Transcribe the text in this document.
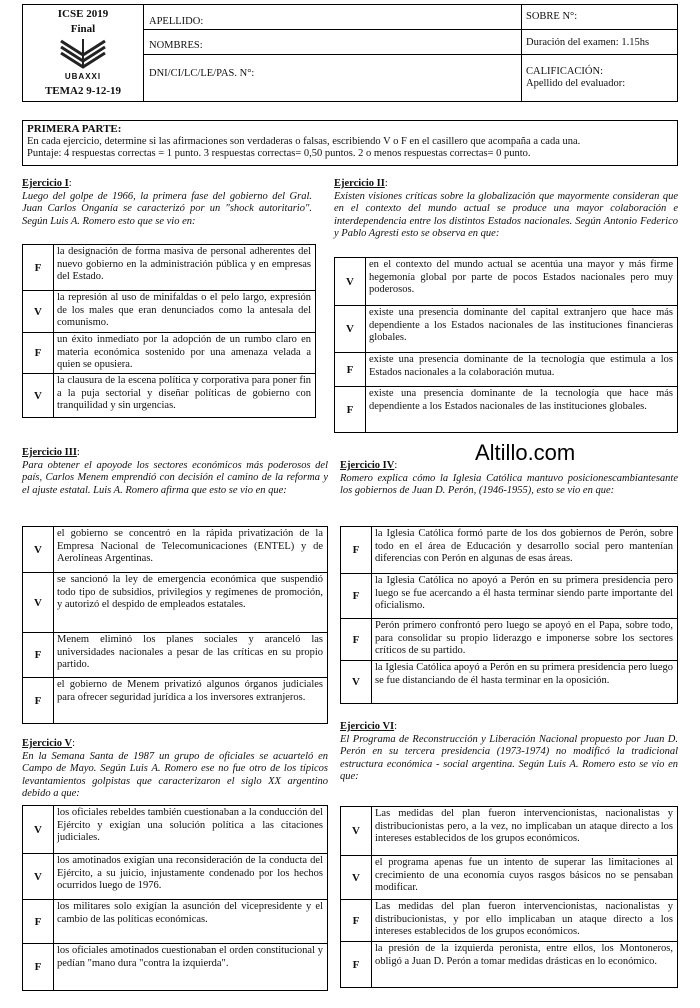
ICSE 2019
Final
UBAXXI
TEMA2 9-12-19
APELLIDO:
NOMBRES:
DNI/CI/LC/LE/PAS. N°:
SOBRE N°:
Duración del examen: 1.15hs
CALIFICACIÓN:
Apellido del evaluador:
PRIMERA PARTE:
En cada ejercicio, determine si las afirmaciones son verdaderas o falsas, escribiendo V o F en el casillero que acompaña a cada una.
Puntaje: 4 respuestas correctas = 1 punto. 3 respuestas correctas= 0,50 puntos. 2 o menos respuestas correctas= 0 punto.
Ejercicio I:
Luego del golpe de 1966, la primera fase del gobierno del Gral. Juan Carlos Onganía se caracterizó por un "shock autoritario". Según Luis A. Romero esto que se vio en:
F
la designación de forma masiva de personal adherentes del nuevo gobierno en la administración pública y en empresas del Estado.
V
la represión al uso de minifaldas o el pelo largo, expresión de los males que eran denunciados como la antesala del comunismo.
F
un éxito inmediato por la adopción de un rumbo claro en materia económica sostenido por una amenaza velada a quien se opusiera.
V
la clausura de la escena política y corporativa para poner fin a la puja sectorial y diseñar políticas de gobierno con tranquilidad y sin urgencias.
Ejercicio II:
Existen visiones críticas sobre la globalización que mayormente consideran que en el contexto del mundo actual se produce una mayor colaboración e interdependencia entre los distintos Estados nacionales. Según Antonio Federico y Pablo Agresti esto se observa en que:
V
en el contexto del mundo actual se acentúa una mayor y más firme hegemonía global por parte de pocos Estados nacionales pero muy poderosos.
V
existe una presencia dominante del capital extranjero que hace más dependiente a los Estados nacionales de las instituciones financieras globales.
F
existe una presencia dominante de la tecnología que estimula a los Estados nacionales a la colaboración mutua.
F
existe una presencia dominante de la tecnología que hace más dependiente a los Estados nacionales de las instituciones globales.
Altillo.com
Ejercicio III:
Para obtener el apoyode los sectores económicos más poderosos del país, Carlos Menem emprendió con decisión el camino de la reforma y el ajuste estatal. Luis A. Romero afirma que esto se vio en que:
V
el gobierno se concentró en la rápida privatización de la Empresa Nacional de Telecomunicaciones (ENTEL) y de Aerolíneas Argentinas.
V
se sancionó la ley de emergencia económica que suspendió todo tipo de subsidios, privilegios y regímenes de promoción, y autorizó el despido de empleados estatales.
F
Menem eliminó los planes sociales y aranceló las universidades nacionales a pesar de las críticas en su propio partido.
F
el gobierno de Menem privatizó algunos órganos judiciales para ofrecer seguridad jurídica a los inversores extranjeros.
Ejercicio IV:
Romero explica cómo la Iglesia Católica mantuvo posicionescambiantesante los gobiernos de Juan D. Perón, (1946-1955), esto se vio en que:
F
la Iglesia Católica formó parte de los dos gobiernos de Perón, sobre todo en el área de Educación y desarrollo social pero mantenían diferencias con Perón en algunas de esas áreas.
F
la Iglesia Católica no apoyó a Perón en su primera presidencia pero luego se fue acercando a él hasta terminar siendo parte importante del oficialismo.
F
Perón primero confrontó pero luego se apoyó en el Papa, sobre todo, para consolidar su propio liderazgo e imponerse sobre los sectores críticos de su partido.
V
la Iglesia Católica apoyó a Perón en su primera presidencia pero luego se fue distanciando de él hasta terminar en la oposición.
Ejercicio V:
En la Semana Santa de 1987 un grupo de oficiales se acuarteló en Campo de Mayo. Según Luis A. Romero ese no fue otro de los típicos levantamientos golpistas que caracterizaron el siglo XX argentino debido a que:
V
los oficiales rebeldes también cuestionaban a la conducción del Ejército y exigían una solución política a las citaciones judiciales.
V
los amotinados exigían una reconsideración de la conducta del Ejército, a su juicio, injustamente condenado por los hechos ocurridos luego de 1976.
F
los militares solo exigían la asunción del vicepresidente y el cambio de las políticas económicas.
F
los oficiales amotinados cuestionaban el orden constitucional y pedían "mano dura "contra la izquierda".
Ejercicio VI:
El Programa de Reconstrucción y Liberación Nacional propuesto por Juan D. Perón en su tercera presidencia (1973-1974) no modificó la tradicional estructura económica - social argentina. Según Luis A. Romero esto se vio en que:
V
Las medidas del plan fueron intervencionistas, nacionalistas y distribucionistas pero, a la vez, no implicaban un ataque directo a los intereses establecidos de los grupos económicos.
V
el programa apenas fue un intento de superar las limitaciones al crecimiento de una economía cuyos rasgos básicos no se pensaban modificar.
F
Las medidas del plan fueron intervencionistas, nacionalistas y distribucionistas, y por ello implicaban un ataque directo a los intereses establecidos de los grupos económicos.
F
la presión de la izquierda peronista, entre ellos, los Montoneros, obligó a Juan D. Perón a tomar medidas drásticas en lo económico.
